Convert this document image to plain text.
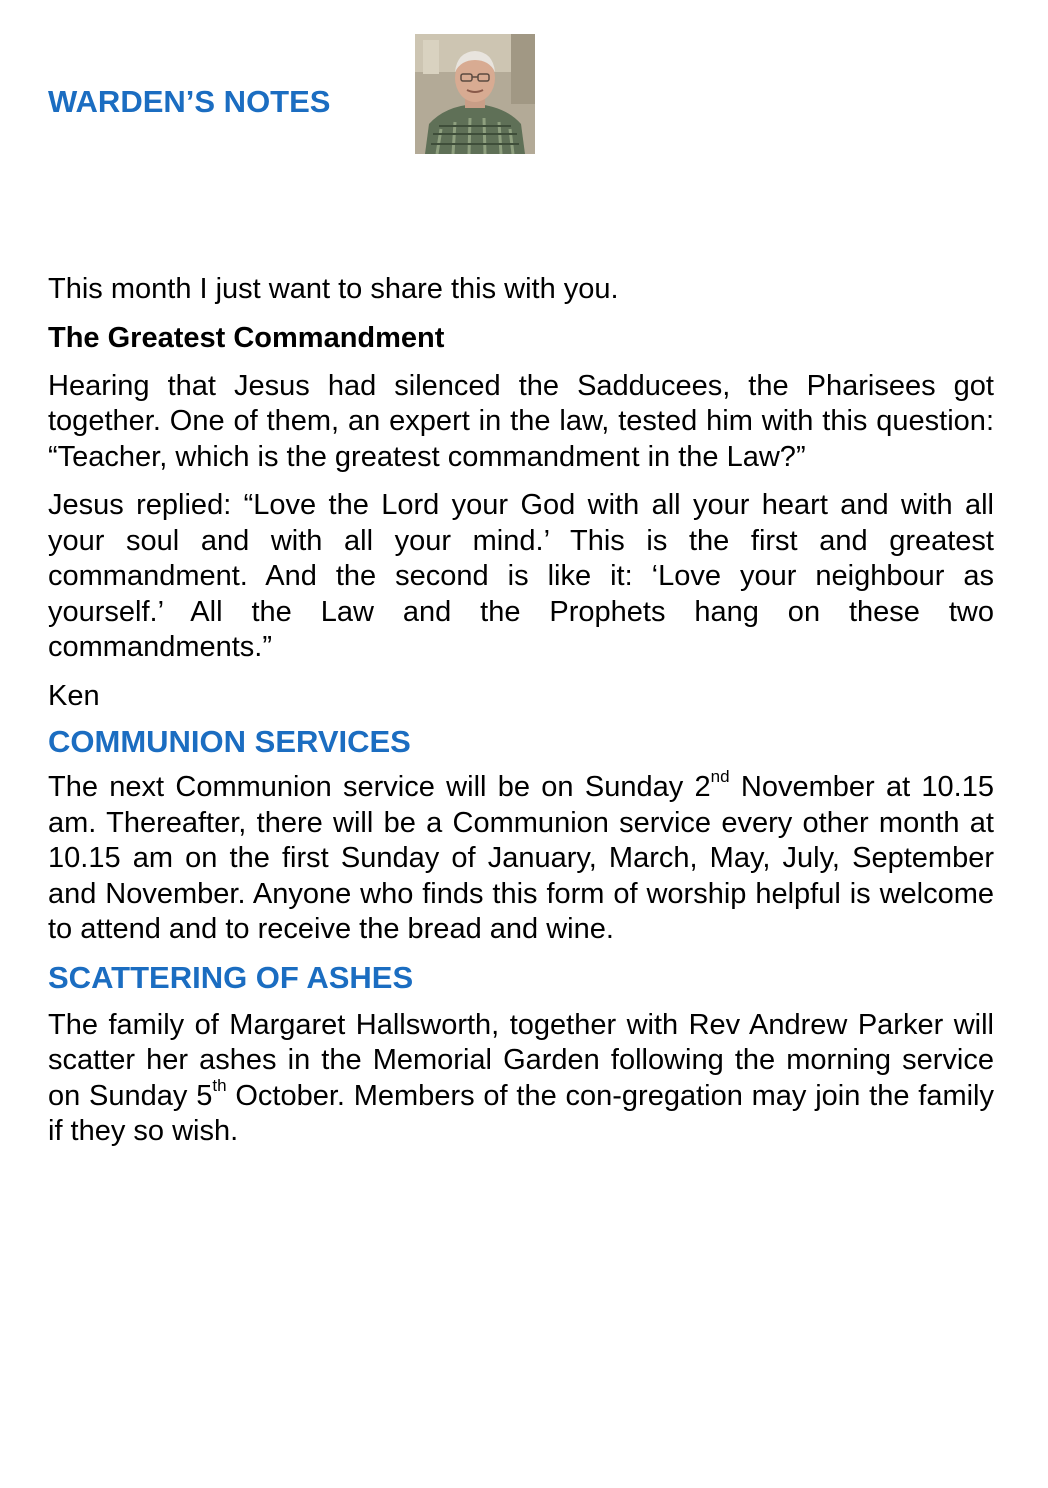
WARDEN’S NOTES

This month I just want to share this with you.

The Greatest Commandment

Hearing that Jesus had silenced the Sadducees, the Pharisees got together. One of them, an expert in the law, tested him with this question: “Teacher, which is the greatest commandment in the Law?”

Jesus replied: “Love the Lord your God with all your heart and with all your soul and with all your mind.’ This is the first and greatest commandment. And the second is like it: ‘Love your neighbour as yourself.’ All the Law and the Prophets hang on these two commandments.”

Ken

COMMUNION SERVICES

The next Communion service will be on Sunday 2nd November at 10.15 am. Thereafter, there will be a Communion service every other month at 10.15 am on the first Sunday of January, March, May, July, September and November. Anyone who finds this form of worship helpful is welcome to attend and to receive the bread and wine.

SCATTERING OF ASHES

The family of Margaret Hallsworth, together with Rev Andrew Parker will scatter her ashes in the Memorial Garden following the morning service on Sunday 5th October. Members of the con-gregation may join the family if they so wish.
